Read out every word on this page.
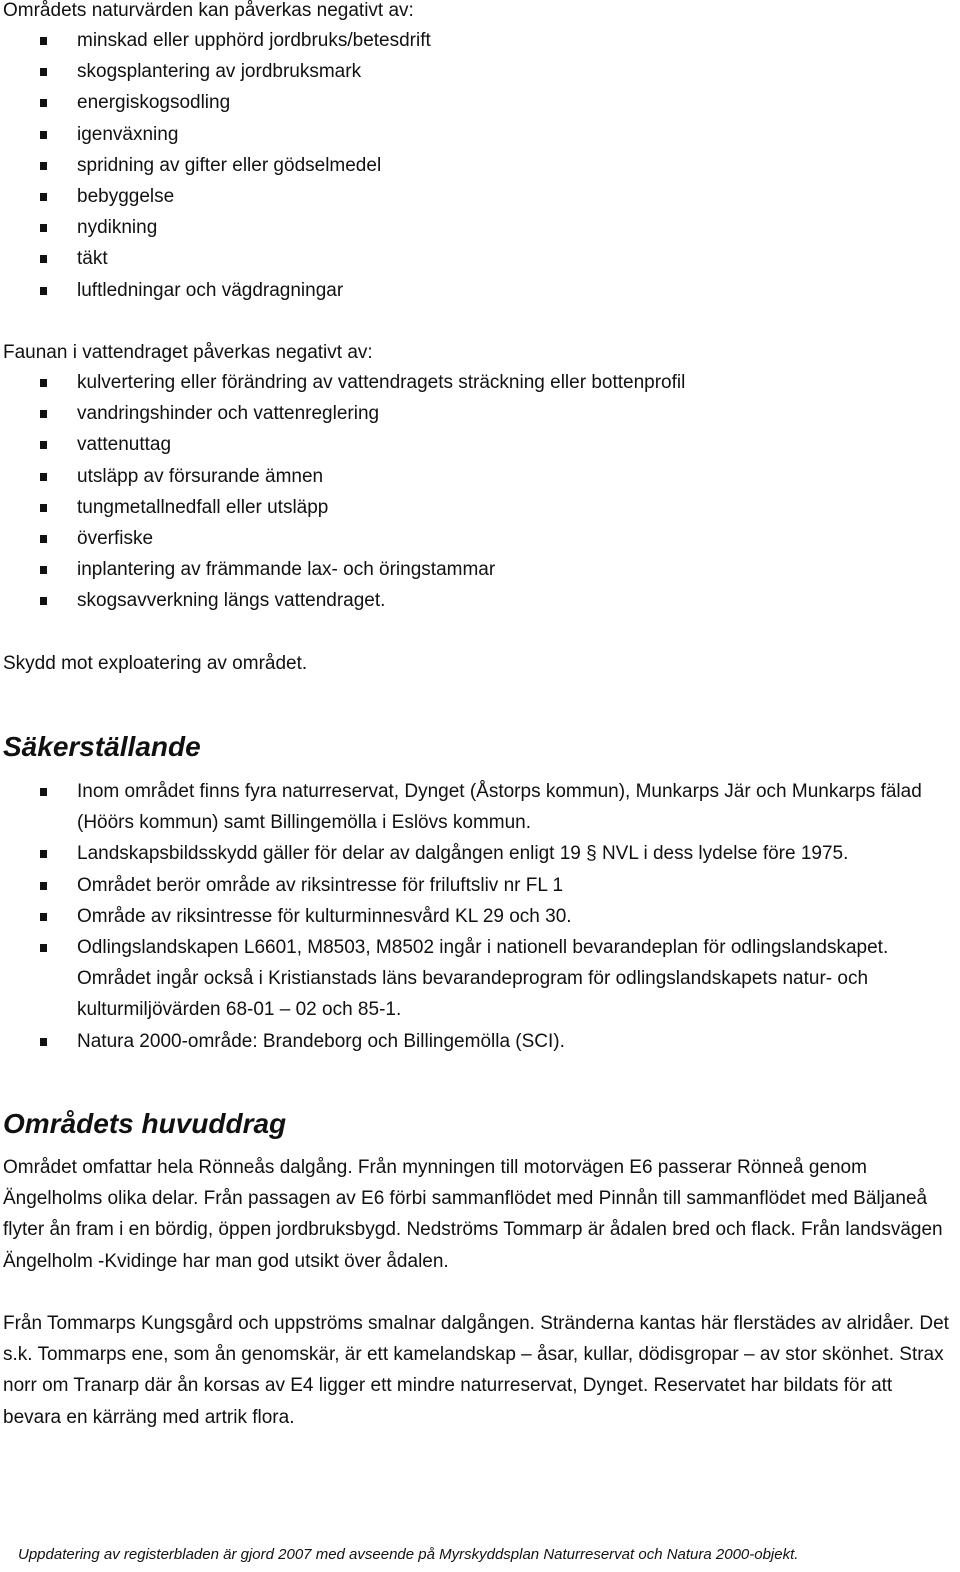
Områdets naturvärden kan påverkas negativt av:
minskad eller upphörd jordbruks/betesdrift
skogsplantering av jordbruksmark
energiskogsodling
igenväxning
spridning av gifter eller gödselmedel
bebyggelse
nydikning
täkt
luftledningar och vägdragningar
Faunan i vattendraget påverkas negativt av:
kulvertering eller förändring av vattendragets sträckning eller bottenprofil
vandringshinder och vattenreglering
vattenuttag
utsläpp av försurande ämnen
tungmetallnedfall eller utsläpp
överfiske
inplantering av främmande lax- och öringstammar
skogsavverkning längs vattendraget.
Skydd mot exploatering av området.
Säkerställande
Inom området finns fyra naturreservat, Dynget (Åstorps kommun), Munkarps Jär och Munkarps fälad (Höörs kommun) samt Billingemölla i Eslövs kommun.
Landskapsbildsskydd gäller för delar av dalgången enligt 19 § NVL i dess lydelse före 1975.
Området berör område av riksintresse för friluftsliv nr FL 1
Område av riksintresse för kulturminnesvård KL 29 och 30.
Odlingslandskapen L6601, M8503, M8502 ingår i nationell bevarandeplan för odlingslandskapet. Området ingår också i Kristianstads läns bevarandeprogram för odlingslandskapets natur- och kulturmiljövärden 68-01 – 02 och 85-1.
Natura 2000-område: Brandeborg och Billingemölla (SCI).
Områdets huvuddrag

Området omfattar hela Rönneås dalgång. Från mynningen till motorvägen E6 passerar Rönneå genom Ängelholms olika delar. Från passagen av E6 förbi sammanflödet med Pinnån till sammanflödet med Bäljaneå flyter ån fram i en bördig, öppen jordbruksbygd. Nedströms Tommarp är ådalen bred och flack. Från landsvägen Ängelholm -Kvidinge har man god utsikt över ådalen.

Från Tommarps Kungsgård och uppströms smalnar dalgången. Stränderna kantas här flerstädes av alridåer. Det s.k. Tommarps ene, som ån genomskär, är ett kamelandskap – åsar, kullar, dödisgropar – av stor skönhet. Strax norr om Tranarp där ån korsas av E4 ligger ett mindre naturreservat, Dynget. Reservatet har bildats för att bevara en kärräng med artrik flora.

Uppdatering av registerbladen är gjord 2007 med avseende på Myrskyddsplan Naturreservat och Natura 2000-objekt.
